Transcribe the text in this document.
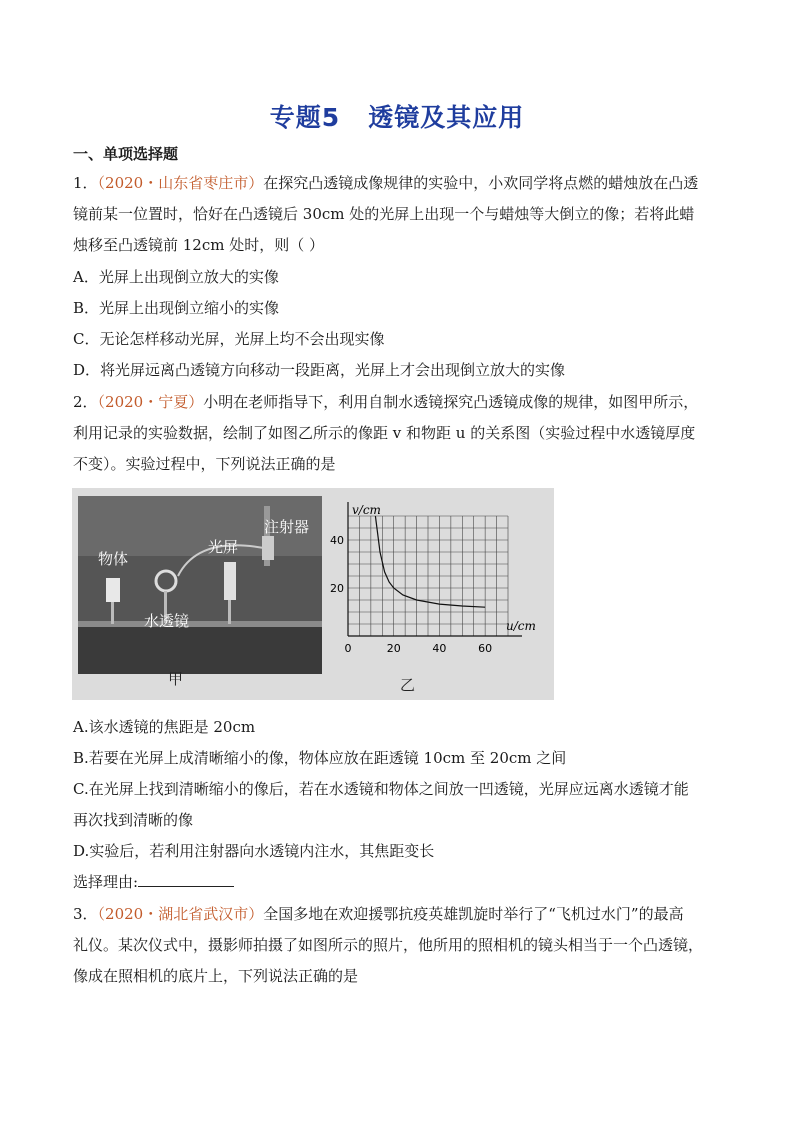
专题5 透镜及其应用
一、单项选择题
1．（2020・山东省枣庄市）在探究凸透镜成像规律的实验中，小欢同学将点燃的蜡烛放在凸透
镜前某一位置时，恰好在凸透镜后 30cm 处的光屏上出现一个与蜡烛等大倒立的像；若将此蜡
烛移至凸透镜前 12cm 处时，则（ ）
A．光屏上出现倒立放大的实像
B．光屏上出现倒立缩小的实像
C．无论怎样移动光屏，光屏上均不会出现实像
D．将光屏远离凸透镜方向移动一段距离，光屏上才会出现倒立放大的实像
2．（2020・宁夏）小明在老师指导下，利用自制水透镜探究凸透镜成像的规律，如图甲所示，
利用记录的实验数据，绘制了如图乙所示的像距 v 和物距 u 的关系图（实验过程中水透镜厚度
不变）。实验过程中，下列说法正确的是
物体
水透镜
光屏
注射器
甲
u/cm
v/cm
0	20	40	60
20
40
乙
A.该水透镜的焦距是 20cm
B.若要在光屏上成清晰缩小的像，物体应放在距透镜 10cm 至 20cm 之间
C.在光屏上找到清晰缩小的像后，若在水透镜和物体之间放一凹透镜，光屏应远离水透镜才能
再次找到清晰的像
D.实验后，若利用注射器向水透镜内注水，其焦距变长
选择理由:
3．（2020・湖北省武汉市）全国多地在欢迎援鄂抗疫英雄凯旋时举行了“飞机过水门”的最高
礼仪。某次仪式中，摄影师拍摄了如图所示的照片，他所用的照相机的镜头相当于一个凸透镜，
像成在照相机的底片上，下列说法正确的是
